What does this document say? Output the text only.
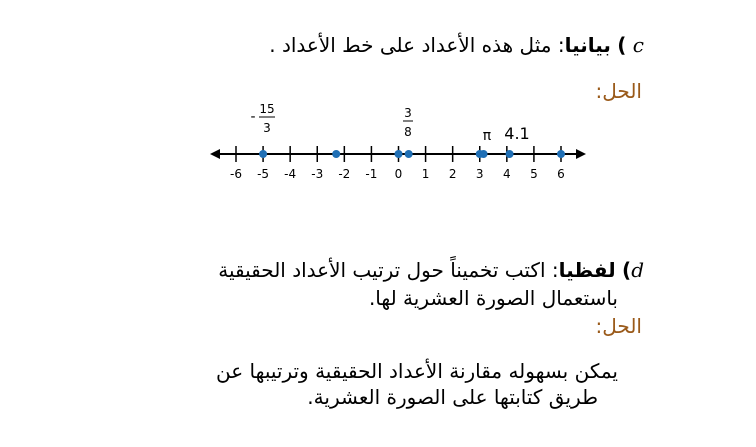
c ) بيانيا: مثل هذه الأعداد على خط الأعداد .
الحل:
-6 -5 -4 -3 -2 -1 0 1 2 3 4 5 6
- 15
3
3
8	π 4.1
d) لفظيا: اكتب تخميناً حول ترتيب الأعداد الحقيقية
باستعمال الصورة العشرية لها.
الحل:
يمكن بسهوله مقارنة الأعداد الحقيقية وترتيبها عن
طريق كتابتها على الصورة العشرية.
